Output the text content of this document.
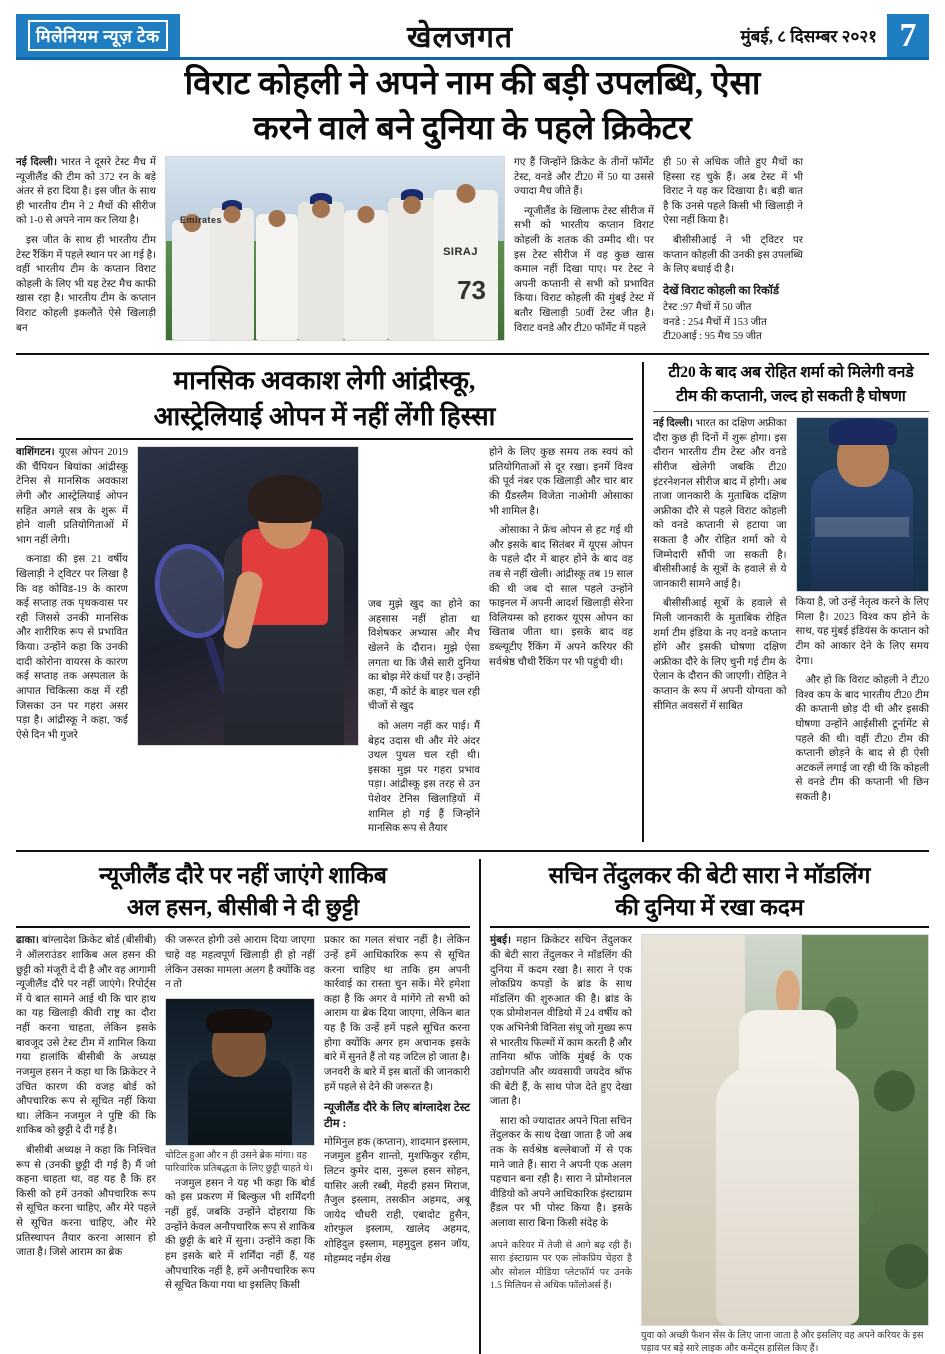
मिलेनियम न्यूज़ टेक	खेलजगत	मुंबई, ८ दिसम्बर २०२१ 7
विराट कोहली ने अपने नाम की बड़ी उपलब्धि, ऐसा
करने वाले बने दुनिया के पहले क्रिकेटर

नई दिल्ली। भारत ने दूसरे टेस्ट मैच में न्यूजीलैंड की टीम को 372 रन के बड़े अंतर से हरा दिया है। इस जीत के साथ ही भारतीय टीम ने 2 मैचों की सीरीज को 1-0 से अपने नाम कर लिया है।

इस जीत के साथ ही भारतीय टीम टेस्ट रैंकिंग में पहले स्थान पर आ गई है। वहीं भारतीय टीम के कप्तान विराट कोहली के लिए भी यह टेस्ट मैच काफी खास रहा है। भारतीय टीम के कप्तान विराट कोहली इकलौते ऐसे खिलाड़ी बन

Emirates
SIRAJ
73

गए हैं जिन्होंने क्रिकेट के तीनों फॉर्मेट टेस्ट, वनडे और टी20 में 50 या उससे ज्यादा मैच जीते हैं।

न्यूजीलैंड के खिलाफ टेस्ट सीरीज में सभी को भारतीय कप्तान विराट कोहली के शतक की उम्मीद थी। पर इस टेस्ट सीरीज में वह कुछ खास कमाल नहीं दिखा पाए। पर टेस्ट ने अपनी कप्तानी से सभी को प्रभावित किया। विराट कोहली की मुंबई टेस्ट में बतौर खिलाड़ी 50वीं टेस्ट जीत है। विराट वनडे और टी20 फॉर्मेट में पहले

ही 50 से अधिक जीते हुए मैचों का हिस्सा रह चुके हैं। अब टेस्ट में भी विराट ने यह कर दिखाया है। बड़ी बात है कि उनसे पहले किसी भी खिलाड़ी ने ऐसा नहीं किया है।

बीसीसीआई ने भी ट्विटर पर कप्तान कोहली की उनकी इस उपलब्धि के लिए बधाई दी है।

देखें विराट कोहली का रिकॉर्ड
टेस्ट :97 मैचों में 50 जीत
वनडे : 254 मैचों में 153 जीत
टी20आई : 95 मैच 59 जीत
मानसिक अवकाश लेगी आंद्रीस्कू,
आस्ट्रेलियाई ओपन में नहीं लेंगी हिस्सा

वाशिंगटन। यूएस ओपन 2019 की चैंपियन बियांका आंद्रीस्कू टेनिस से मानसिक अवकाश लेगी और आस्ट्रेलियाई ओपन सहित अगले सत्र के शुरू में होने वाली प्रतियोगिताओं में भाग नहीं लेगी।

कनाडा की इस 21 वर्षीय खिलाड़ी ने ट्विटर पर लिखा है कि वह कोविड-19 के कारण कई सप्ताह तक पृथकवास पर रही जिससे उनकी मानसिक और शारीरिक रूप से प्रभावित किया। उन्होंने कहा कि उनकी दादी कोरोना वायरस के कारण कई सप्ताह तक अस्पताल के आपात चिकित्सा कक्ष में रही जिसका उन पर गहरा असर पड़ा है। आंद्रीस्कू ने कहा, 'कई ऐसे दिन भी गुजरे

जब मुझे खुद का होने का अहसास नहीं होता था विशेषकर अभ्यास और मैच खेलने के दौरान। मुझे ऐसा लगता था कि जैसे सारी दुनिया का बोझ मेरे कंधों पर है। उन्होंने कहा, 'मैं कोर्ट के बाहर चल रही चीजों से खुद

को अलग नहीं कर पाई। मैं बेहद उदास थी और मेरे अंदर उथल पुथल चल रही थी। इसका मुझ पर गहरा प्रभाव पड़ा। आंद्रीस्कू इस तरह से उन पेशेवर टेनिस खिलाड़ियों में शामिल हो गई हैं जिन्होंने मानसिक रूप से तैयार

होने के लिए कुछ समय तक स्वयं को प्रतियोगिताओं से दूर रखा। इनमें विश्व की पूर्व नंबर एक खिलाड़ी और चार बार की ग्रैंडस्लैम विजेता नाओमी ओसाका भी शामिल है।

ओसाका ने फ्रेंच ओपन से हट गई थी और इसके बाद सितंबर में यूएस ओपन के पहले दौर में बाहर होने के बाद वह तब से नहीं खेली। आंद्रीस्कू तब 19 साल की थी जब दो साल पहले उन्होंने फाइनल में अपनी आदर्श खिलाड़ी सेरेना विलियम्स को हराकर यूएस ओपन का खिताब जीता था। इसके बाद वह डब्ल्यूटीए रैंकिंग में अपने करियर की सर्वश्रेष्ठ चौथी रैंकिंग पर भी पहुंची थी।

टी20 के बाद अब रोहित शर्मा को मिलेगी वनडे
टीम की कप्तानी, जल्द हो सकती है घोषणा

नई दिल्ली। भारत का दक्षिण अफ्रीका दौरा कुछ ही दिनों में शुरू होगा। इस दौरान भारतीय टीम टेस्ट और वनडे सीरीज खेलेगी जबकि टी20 इंटरनेशनल सीरीज बाद में होगी। अब ताजा जानकारी के मुताबिक दक्षिण अफ्रीका दौरे से पहले विराट कोहली को वनडे कप्तानी से हटाया जा सकता है और रोहित शर्मा को ये जिम्मेदारी सौंपी जा सकती है। बीसीसीआई के सूत्रों के हवाले से ये जानकारी सामने आई है।

बीसीसीआई सूत्रों के हवाले से मिली जानकारी के मुताबिक रोहित शर्मा टीम इंडिया के नए वनडे कप्तान होंगे और इसकी घोषणा दक्षिण अफ्रीका दौरे के लिए चुनी गई टीम के ऐलान के दौरान की जाएगी। रोहित ने कप्तान के रूप में अपनी योग्यता को सीमित अवसरों में साबित

किया है, जो उन्हें नेतृत्व करने के लिए मिला है। 2023 विश्व कप होने के साथ, यह मुंबई इंडियंस के कप्तान को टीम को आकार देने के लिए समय देगा।

और हो कि विराट कोहली ने टी20 विश्व कप के बाद भारतीय टी20 टीम की कप्तानी छोड़ दी थी और इसकी घोषणा उन्होंने आईसीसी टूर्नामेंट से पहले की थी। वहीं टी20 टीम की कप्तानी छोड़ने के बाद से ही ऐसी अटकलें लगाई जा रही थी कि कोहली से वनडे टीम की कप्तानी भी छिन सकती है।

न्यूजीलैंड दौरे पर नहीं जाएंगे शाकिब
अल हसन, बीसीबी ने दी छुट्टी

ढाका। बांग्लादेश क्रिकेट बोर्ड (बीसीबी) ने ऑलराउंडर शाकिब अल हसन की छुट्टी को मंजूरी दे दी है और वह आगामी न्यूजीलैंड दौरे पर नहीं जाएंगे। रिपोर्ट्स में ये बात सामने आई थी कि चार हाथ का यह खिलाड़ी कीवी राष्ट्र का दौरा नहीं करना चाहता, लेकिन इसके बावजूद उसे टेस्ट टीम में शामिल किया गया हालांकि बीसीबी के अध्यक्ष नजमुल हसन ने कहा था कि क्रिकेटर ने उचित कारण की वजह बोर्ड को औपचारिक रूप से सूचित नहीं किया था। लेकिन नजमुल ने पुष्टि की कि शाकिब को छुट्टी दे दी गई है।

बीसीबी अध्यक्ष ने कहा कि निश्चित रूप से (उनकी छुट्टी दी गई है) मैं जो कहना चाहता था, वह यह है कि हर किसी को हमें उनको औपचारिक रूप से सूचित करना चाहिए, और मेरे पहले से सूचित करना चाहिए, और मेरे प्रतिस्थापन तैयार करना आसान हो जाता है। जिसे आराम का ब्रेक

की जरूरत होगी उसे आराम दिया जाएगा चाहे वह महत्वपूर्ण खिलाड़ी ही हो नहीं लेकिन उसका मामला अलग है क्योंकि वह न तो

चोटिल हुआ और न ही उसने ब्रेक मांगा। वह पारिवारिक प्रतिबद्धता के लिए छुट्टी चाहते थे।

नजमुल हसन ने यह भी कहा कि बोर्ड को इस प्रकरण में बिल्कुल भी शर्मिंदगी नहीं हुई, जबकि उन्होंने दोहराया कि उन्होंने केवल अनौपचारिक रूप से शाकिब की छुट्टी के बारे में सुना। उन्होंने कहा कि हम इसके बारे में शर्मिंदा नहीं हैं, यह औपचारिक नहीं है, हमें अनौपचारिक रूप से सूचित किया गया था इसलिए किसी

प्रकार का गलत संचार नहीं है। लेकिन उन्हें हमें आधिकारिक रूप से सूचित करना चाहिए था ताकि हम अपनी कार्रवाई का रास्ता चुन सकें। मेरे हमेशा कहा है कि अगर वे मांगेंगे तो सभी को आराम या ब्रेक दिया जाएगा, लेकिन बात यह है कि उन्हें हमें पहले सूचित करना होगा क्योंकि अगर हम अचानक इसके बारे में सुनते हैं तो यह जटिल हो जाता है। जनवरी के बारे में इस बातों की जानकारी हमें पहले से देने की जरूरत है।

न्यूजीलैंड दौरे के लिए बांग्लादेश टेस्ट टीम :

मोमिनुल हक (कप्तान), शादमान इस्लाम, नजमुल हुसैन शान्तो, मुशफिकुर रहीम, लिटन कुमेर दास, नुरूल हसन सोहन, यासिर अली रब्बी, मेहदी हसन मिराज, तैजुल इस्लाम, तसकीन अहमद, अबू जायेद चौधरी राही, एबादोट हुसैन, शोरफुल इस्लाम, खालेद अहमद, शोहिदुल इस्लाम, महमुदुल हसन जॉय, मोहम्मद नईम शेख

सचिन तेंदुलकर की बेटी सारा ने मॉडलिंग
की दुनिया में रखा कदम

मुंबई। महान क्रिकेटर सचिन तेंदुलकर की बेटी सारा तेंदुलकर ने मॉडलिंग की दुनिया में कदम रखा है। सारा ने एक लोकप्रिय कपड़ों के ब्रांड के साथ मॉडलिंग की शुरुआत की है। ब्रांड के एक प्रोमोशनल वीडियो में 24 वर्षीय को एक अभिनेत्री विनिता संधू जो मुख्य रूप से भारतीय फिल्मों में काम करती है और तानिया श्रॉफ जोकि मुंबई के एक उद्योगपति और व्यवसायी जयदेव श्रॉफ की बेटी हैं, के साथ पोज देते हुए देखा जाता है।

सारा को ज्यादातर अपने पिता सचिन तेंदुलकर के साथ देखा जाता है जो अब तक के सर्वश्रेष्ठ बल्लेबाजों में से एक माने जाते हैं। सारा ने अपनी एक अलग पहचान बना रही है। सारा ने प्रोमोशनल वीडियो को अपने आधिकारिक इंस्टाग्राम हैंडल पर भी पोस्ट किया है। इसके अलावा सारा बिना किसी संदेह के

अपने करियर में तेजी से आगे बढ़ रही हैं। सारा इंस्टाग्राम पर एक लोकप्रिय चेहरा है और सोशल मीडिया प्लेटफॉर्म पर उनके 1.5 मिलियन से अधिक फॉलोअर्स हैं।
युवा को अच्छी फैशन सेंस के लिए जाना जाता है और इसलिए वह अपने करियर के इस पड़ाव पर बड़े सारे लाइक और कमेंट्स हासिल किए हैं।
